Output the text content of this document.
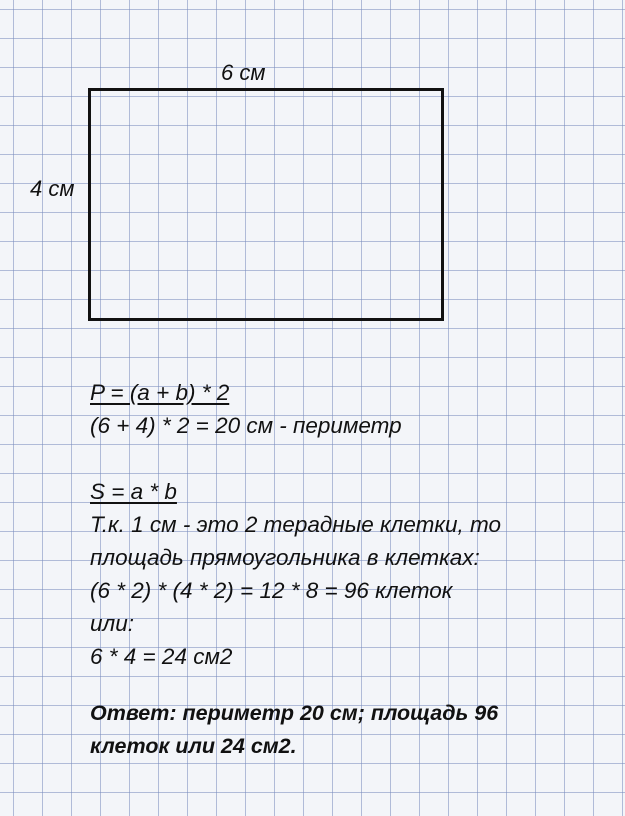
6 см
4 см
P = (a + b) * 2
(6 + 4) * 2 = 20 см - периметр
S = a * b
Т.к. 1 см - это 2 терадные клетки, то
площадь прямоугольника в клетках:
(6 * 2) * (4 * 2) = 12 * 8 = 96 клеток
или:
6 * 4 = 24 см2
Ответ: периметр 20 см; площадь 96
клеток или 24 см2.
